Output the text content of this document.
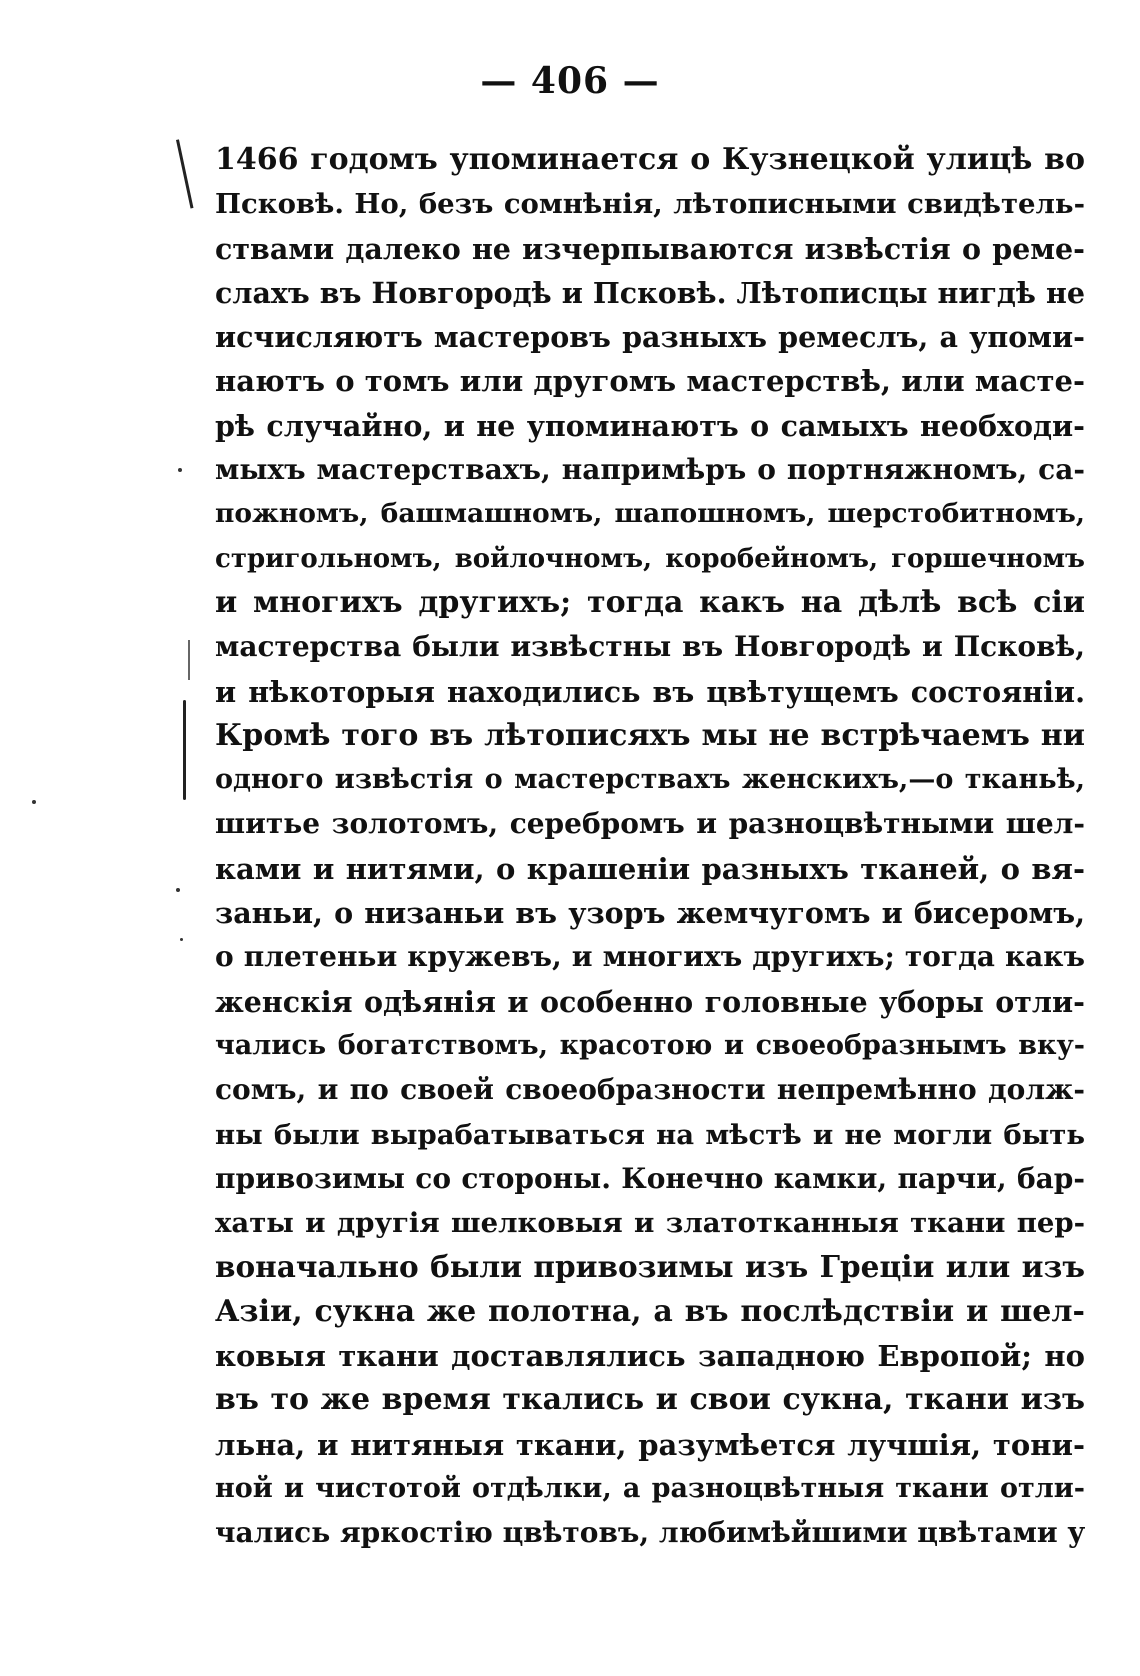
— 406 —
1466 годомъ упоминается о Кузнецкой улицѣ во
Псковѣ. Но, безъ сомнѣнія, лѣтописными свидѣтель-
ствами далеко не изчерпываются извѣстія о реме-
слахъ въ Новгородѣ и Псковѣ. Лѣтописцы нигдѣ не
исчисляютъ мастеровъ разныхъ ремеслъ, а упоми-
наютъ о томъ или другомъ мастерствѣ, или масте-
рѣ случайно, и не упоминаютъ о самыхъ необходи-
мыхъ мастерствахъ, напримѣръ о портняжномъ, са-
пожномъ, башмашномъ, шапошномъ, шерстобитномъ,
стригольномъ, войлочномъ, коробейномъ, горшечномъ
и многихъ другихъ; тогда какъ на дѣлѣ всѣ сіи
мастерства были извѣстны въ Новгородѣ и Псковѣ,
и нѣкоторыя находились въ цвѣтущемъ состояніи.
Кромѣ того въ лѣтописяхъ мы не встрѣчаемъ ни
одного извѣстія о мастерствахъ женскихъ,—о тканьѣ,
шитье золотомъ, серебромъ и разноцвѣтными шел-
ками и нитями, о крашеніи разныхъ тканей, о вя-
заньи, о низаньи въ узоръ жемчугомъ и бисеромъ,
о плетеньи кружевъ, и многихъ другихъ; тогда какъ
женскія одѣянія и особенно головные уборы отли-
чались богатствомъ, красотою и своеобразнымъ вку-
сомъ, и по своей своеобразности непремѣнно долж-
ны были вырабатываться на мѣстѣ и не могли быть
привозимы со стороны. Конечно камки, парчи, бар-
хаты и другія шелковыя и златотканныя ткани пер-
воначально были привозимы изъ Грецiи или изъ
Азіи, сукна же полотна, а въ послѣдствіи и шел-
ковыя ткани доставлялись западною Европой; но
въ то же время ткались и свои сукна, ткани изъ
льна, и нитяныя ткани, разумѣется лучшія, тони-
ной и чистотой отдѣлки, а разноцвѣтныя ткани отли-
чались яркостію цвѣтовъ, любимѣйшими цвѣтами у
